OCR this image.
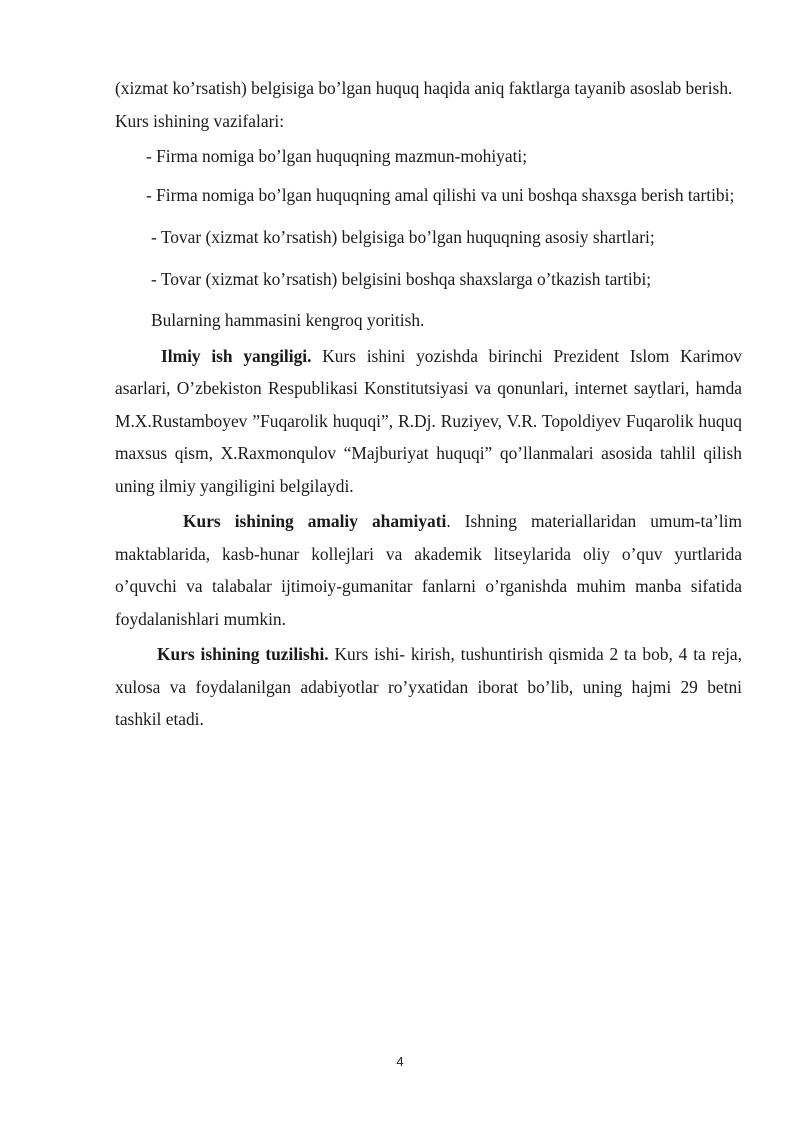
(xizmat ko’rsatish) belgisiga bo’lgan huquq haqida aniq faktlarga tayanib asoslab berish.

Kurs ishining vazifalari:

- Firma nomiga bo’lgan huquqning mazmun-mohiyati;

- Firma nomiga bo’lgan huquqning amal qilishi va uni boshqa shaxsga berish tartibi;

- Tovar (xizmat ko’rsatish) belgisiga bo’lgan huquqning asosiy shartlari;

- Tovar (xizmat ko’rsatish) belgisini boshqa shaxslarga o’tkazish tartibi;

Bularning hammasini kengroq yoritish.

Ilmiy ish yangiligi. Kurs ishini yozishda birinchi Prezident Islom Karimov asarlari, O’zbekiston Respublikasi Konstitutsiyasi va qonunlari, internet saytlari, hamda M.X.Rustamboyev ”Fuqarolik huquqi”, R.Dj. Ruziyev, V.R. Topoldiyev Fuqarolik huquq maxsus qism, X.Raxmonqulov “Majburiyat huquqi” qo’llanmalari asosida tahlil qilish uning ilmiy yangiligini belgilaydi.

Kurs ishining amaliy ahamiyati. Ishning materiallaridan umum-ta’lim maktablarida, kasb-hunar kollejlari va akademik litseylarida oliy o’quv yurtlarida o’quvchi va talabalar ijtimoiy-gumanitar fanlarni o’rganishda muhim manba sifatida foydalanishlari mumkin.

Kurs ishining tuzilishi. Kurs ishi- kirish, tushuntirish qismida 2 ta bob, 4 ta reja, xulosa va foydalanilgan adabiyotlar ro’yxatidan iborat bo’lib, uning hajmi 29 betni tashkil etadi.

4
